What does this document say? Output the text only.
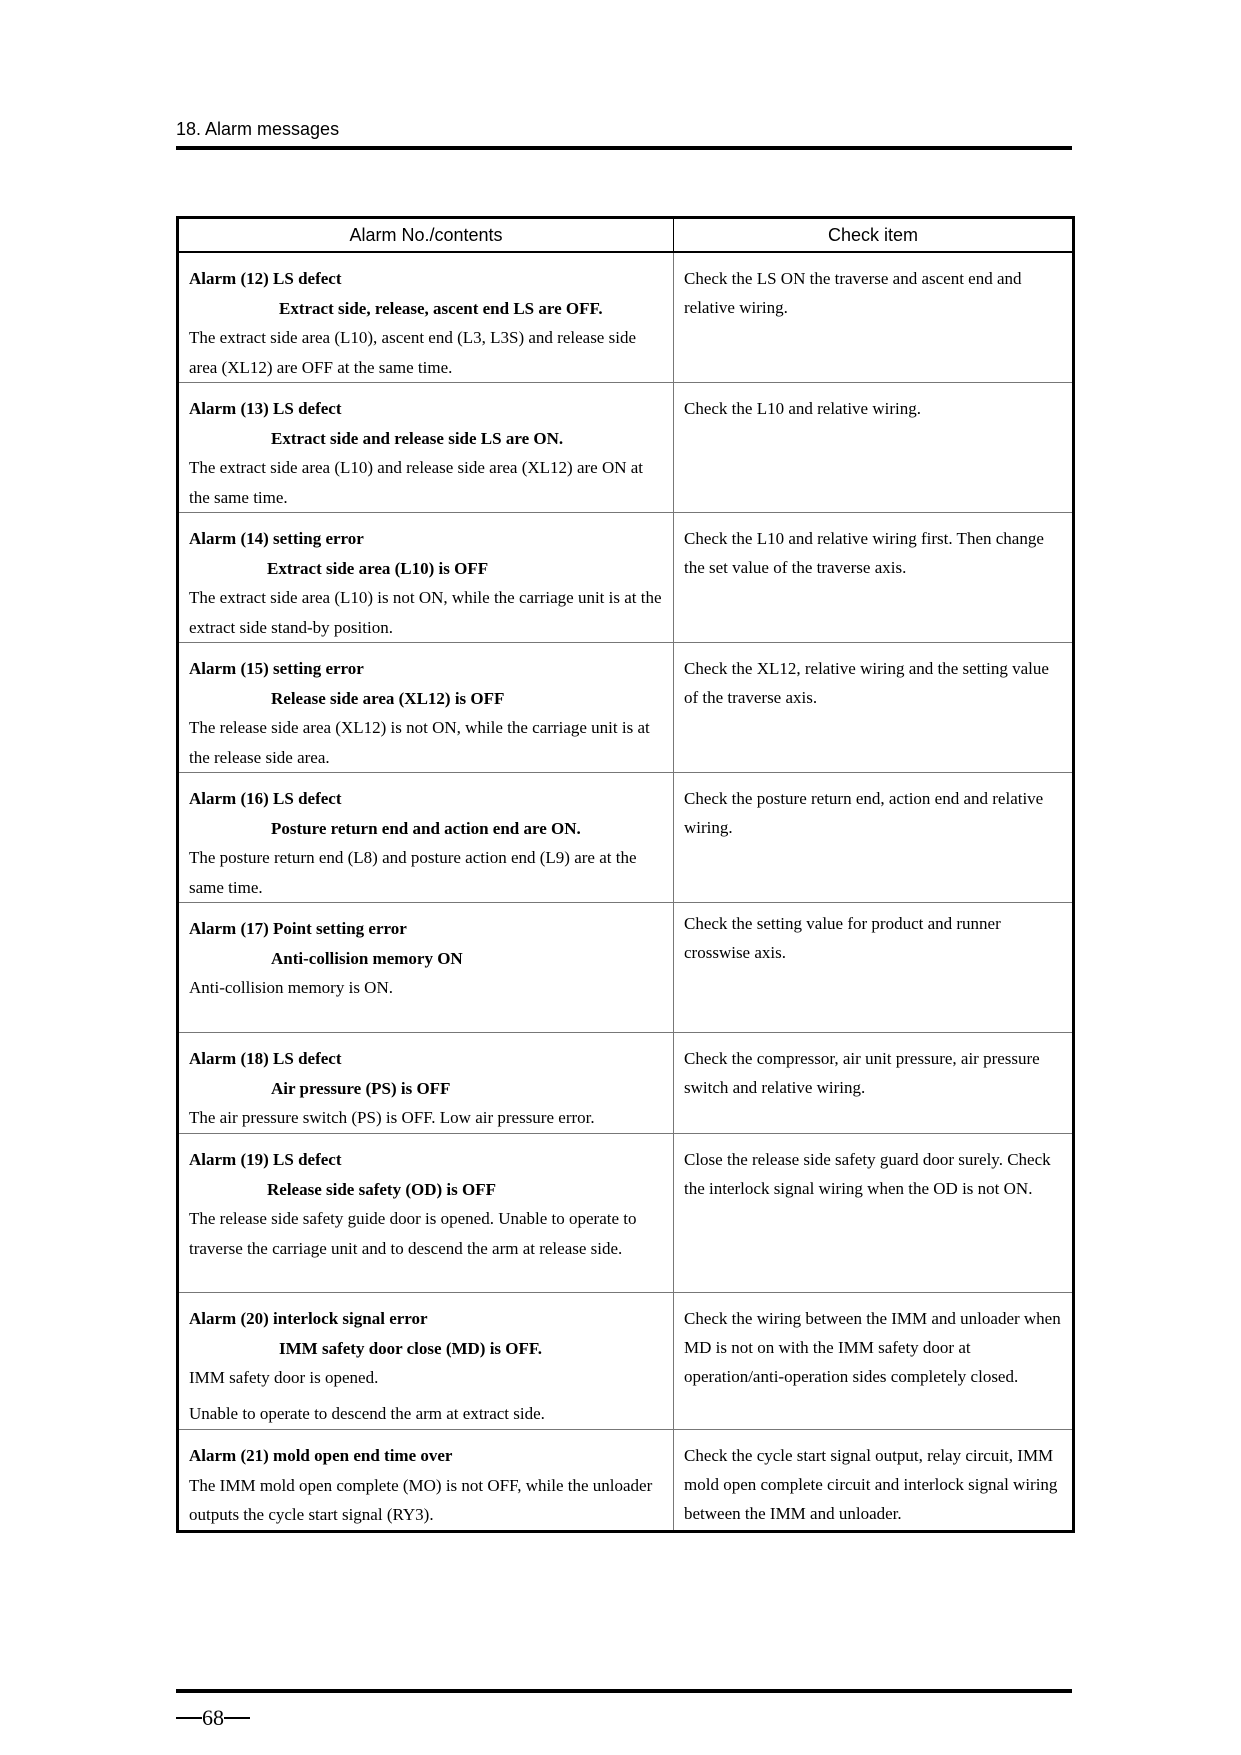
18. Alarm messages
Alarm No./contents	Check item

Alarm (12) LS defect
Extract side, release, ascent end LS are OFF.
The extract side area (L10), ascent end (L3, L3S) and release side area (XL12) are OFF at the same time.	Check the LS ON the traverse and ascent end and relative wiring.

Alarm (13) LS defect
Extract side and release side LS are ON.
The extract side area (L10) and release side area (XL12) are ON at the same time.	Check the L10 and relative wiring.

Alarm (14) setting error
Extract side area (L10) is OFF
The extract side area (L10) is not ON, while the carriage unit is at the extract side stand-by position.	Check the L10 and relative wiring first. Then change the set value of the traverse axis.

Alarm (15) setting error
Release side area (XL12) is OFF
The release side area (XL12) is not ON, while the carriage unit is at the release side area.	Check the XL12, relative wiring and the setting value of the traverse axis.

Alarm (16) LS defect
Posture return end and action end are ON.
The posture return end (L8) and posture action end (L9) are at the same time.	Check the posture return end, action end and relative wiring.

Alarm (17) Point setting error
Anti-collision memory ON
Anti-collision memory is ON.	Check the setting value for product and runner crosswise axis.

Alarm (18) LS defect
Air pressure (PS) is OFF
The air pressure switch (PS) is OFF. Low air pressure error.	Check the compressor, air unit pressure, air pressure switch and relative wiring.

Alarm (19) LS defect
Release side safety (OD) is OFF
The release side safety guide door is opened. Unable to operate to traverse the carriage unit and to descend the arm at release side.	Close the release side safety guard door surely. Check the interlock signal wiring when the OD is not ON.

Alarm (20) interlock signal error
IMM safety door close (MD) is OFF.
IMM safety door is opened.
Unable to operate to descend the arm at extract side.	Check the wiring between the IMM and unloader when MD is not on with the IMM safety door at operation/anti-operation sides completely closed.

Alarm (21) mold open end time over
The IMM mold open complete (MO) is not OFF, while the unloader outputs the cycle start signal (RY3).	Check the cycle start signal output, relay circuit, IMM mold open complete circuit and interlock signal wiring between the IMM and unloader.
68
